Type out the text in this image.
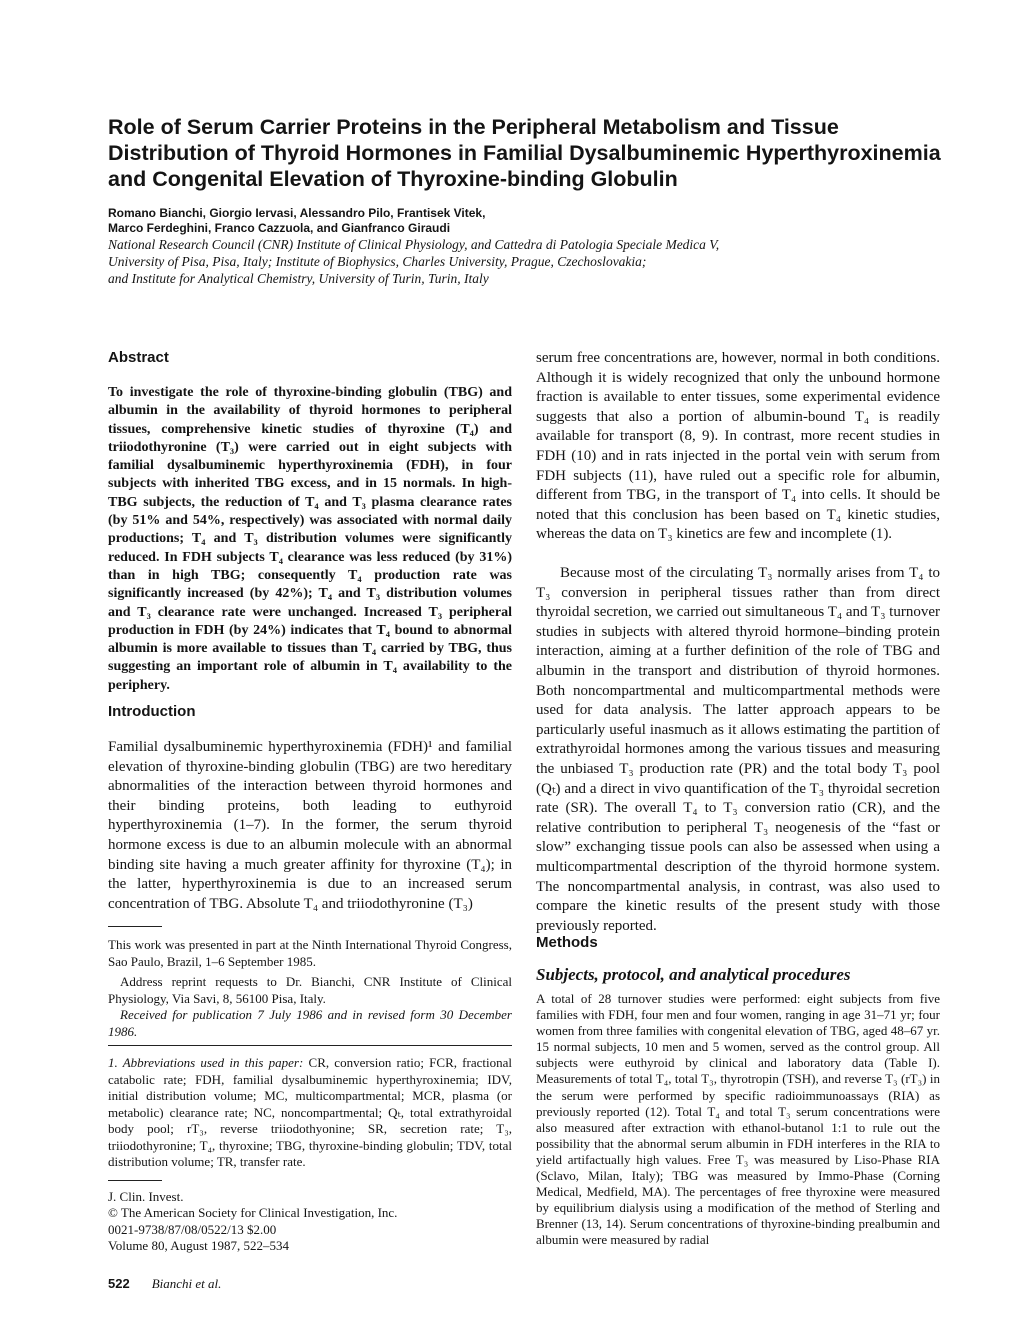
Role of Serum Carrier Proteins in the Peripheral Metabolism and Tissue
Distribution of Thyroid Hormones in Familial Dysalbuminemic Hyperthyroxinemia
and Congenital Elevation of Thyroxine-binding Globulin
Romano Bianchi, Giorgio Iervasi, Alessandro Pilo, Frantisek Vitek,
Marco Ferdeghini, Franco Cazzuola, and Gianfranco Giraudi
National Research Council (CNR) Institute of Clinical Physiology, and Cattedra di Patologia Speciale Medica V,
University of Pisa, Pisa, Italy; Institute of Biophysics, Charles University, Prague, Czechoslovakia;
and Institute for Analytical Chemistry, University of Turin, Turin, Italy
Abstract

To investigate the role of thyroxine-binding globulin (TBG) and albumin in the availability of thyroid hormones to peripheral tissues, comprehensive kinetic studies of thyroxine (T₄) and triiodothyronine (T₃) were carried out in eight subjects with familial dysalbuminemic hyperthyroxinemia (FDH), in four subjects with inherited TBG excess, and in 15 normals. In high-TBG subjects, the reduction of T₄ and T₃ plasma clearance rates (by 51% and 54%, respectively) was associated with normal daily productions; T₄ and T₃ distribution volumes were significantly reduced. In FDH subjects T₄ clearance was less reduced (by 31%) than in high TBG; consequently T₄ production rate was significantly increased (by 42%); T₄ and T₃ distribution volumes and T₃ clearance rate were unchanged. Increased T₃ peripheral production in FDH (by 24%) indicates that T₄ bound to abnormal albumin is more available to tissues than T₄ carried by TBG, thus suggesting an important role of albumin in T₄ availability to the periphery.

Introduction

Familial dysalbuminemic hyperthyroxinemia (FDH)¹ and familial elevation of thyroxine-binding globulin (TBG) are two hereditary abnormalities of the interaction between thyroid hormones and their binding proteins, both leading to euthyroid hyperthyroxinemia (1–7). In the former, the serum thyroid hormone excess is due to an albumin molecule with an abnormal binding site having a much greater affinity for thyroxine (T₄); in the latter, hyperthyroxinemia is due to an increased serum concentration of TBG. Absolute T₄ and triiodothyronine (T₃)

This work was presented in part at the Ninth International Thyroid Congress, Sao Paulo, Brazil, 1–6 September 1985.

Address reprint requests to Dr. Bianchi, CNR Institute of Clinical Physiology, Via Savi, 8, 56100 Pisa, Italy.

Received for publication 7 July 1986 and in revised form 30 December 1986.

1. Abbreviations used in this paper: CR, conversion ratio; FCR, fractional catabolic rate; FDH, familial dysalbuminemic hyperthyroxinemia; IDV, initial distribution volume; MC, multicompartmental; MCR, plasma (or metabolic) clearance rate; NC, noncompartmental; Qₜ, total extrathyroidal body pool; rT₃, reverse triiodothyonine; SR, secretion rate; T₃, triiodothyronine; T₄, thyroxine; TBG, thyroxine-binding globulin; TDV, total distribution volume; TR, transfer rate.

J. Clin. Invest.
© The American Society for Clinical Investigation, Inc.
0021-9738/87/08/0522/13 $2.00
Volume 80, August 1987, 522–534
522 Bianchi et al.

serum free concentrations are, however, normal in both conditions. Although it is widely recognized that only the unbound hormone fraction is available to enter tissues, some experimental evidence suggests that also a portion of albumin-bound T₄ is readily available for transport (8, 9). In contrast, more recent studies in FDH (10) and in rats injected in the portal vein with serum from FDH subjects (11), have ruled out a specific role for albumin, different from TBG, in the transport of T₄ into cells. It should be noted that this conclusion has been based on T₄ kinetic studies, whereas the data on T₃ kinetics are few and incomplete (1).

Because most of the circulating T₃ normally arises from T₄ to T₃ conversion in peripheral tissues rather than from direct thyroidal secretion, we carried out simultaneous T₄ and T₃ turnover studies in subjects with altered thyroid hormone–binding protein interaction, aiming at a further definition of the role of TBG and albumin in the transport and distribution of thyroid hormones. Both noncompartmental and multicompartmental methods were used for data analysis. The latter approach appears to be particularly useful inasmuch as it allows estimating the partition of extrathyroidal hormones among the various tissues and measuring the unbiased T₃ production rate (PR) and the total body T₃ pool (Qₜ) and a direct in vivo quantification of the T₃ thyroidal secretion rate (SR). The overall T₄ to T₃ conversion ratio (CR), and the relative contribution to peripheral T₃ neogenesis of the “fast or slow” exchanging tissue pools can also be assessed when using a multicompartmental description of the thyroid hormone system. The noncompartmental analysis, in contrast, was also used to compare the kinetic results of the present study with those previously reported.

Methods
Subjects, protocol, and analytical procedures

A total of 28 turnover studies were performed: eight subjects from five families with FDH, four men and four women, ranging in age 31–71 yr; four women from three families with congenital elevation of TBG, aged 48–67 yr. 15 normal subjects, 10 men and 5 women, served as the control group. All subjects were euthyroid by clinical and laboratory data (Table I). Measurements of total T₄, total T₃, thyrotropin (TSH), and reverse T₃ (rT₃) in the serum were performed by specific radioimmunoassays (RIA) as previously reported (12). Total T₄ and total T₃ serum concentrations were also measured after extraction with ethanol-butanol 1:1 to rule out the possibility that the abnormal serum albumin in FDH interferes in the RIA to yield artifactually high values. Free T₃ was measured by Liso-Phase RIA (Sclavo, Milan, Italy); TBG was measured by Immo-Phase (Corning Medical, Medfield, MA). The percentages of free thyroxine were measured by equilibrium dialysis using a modification of the method of Sterling and Brenner (13, 14). Serum concentrations of thyroxine-binding prealbumin and albumin were measured by radial
